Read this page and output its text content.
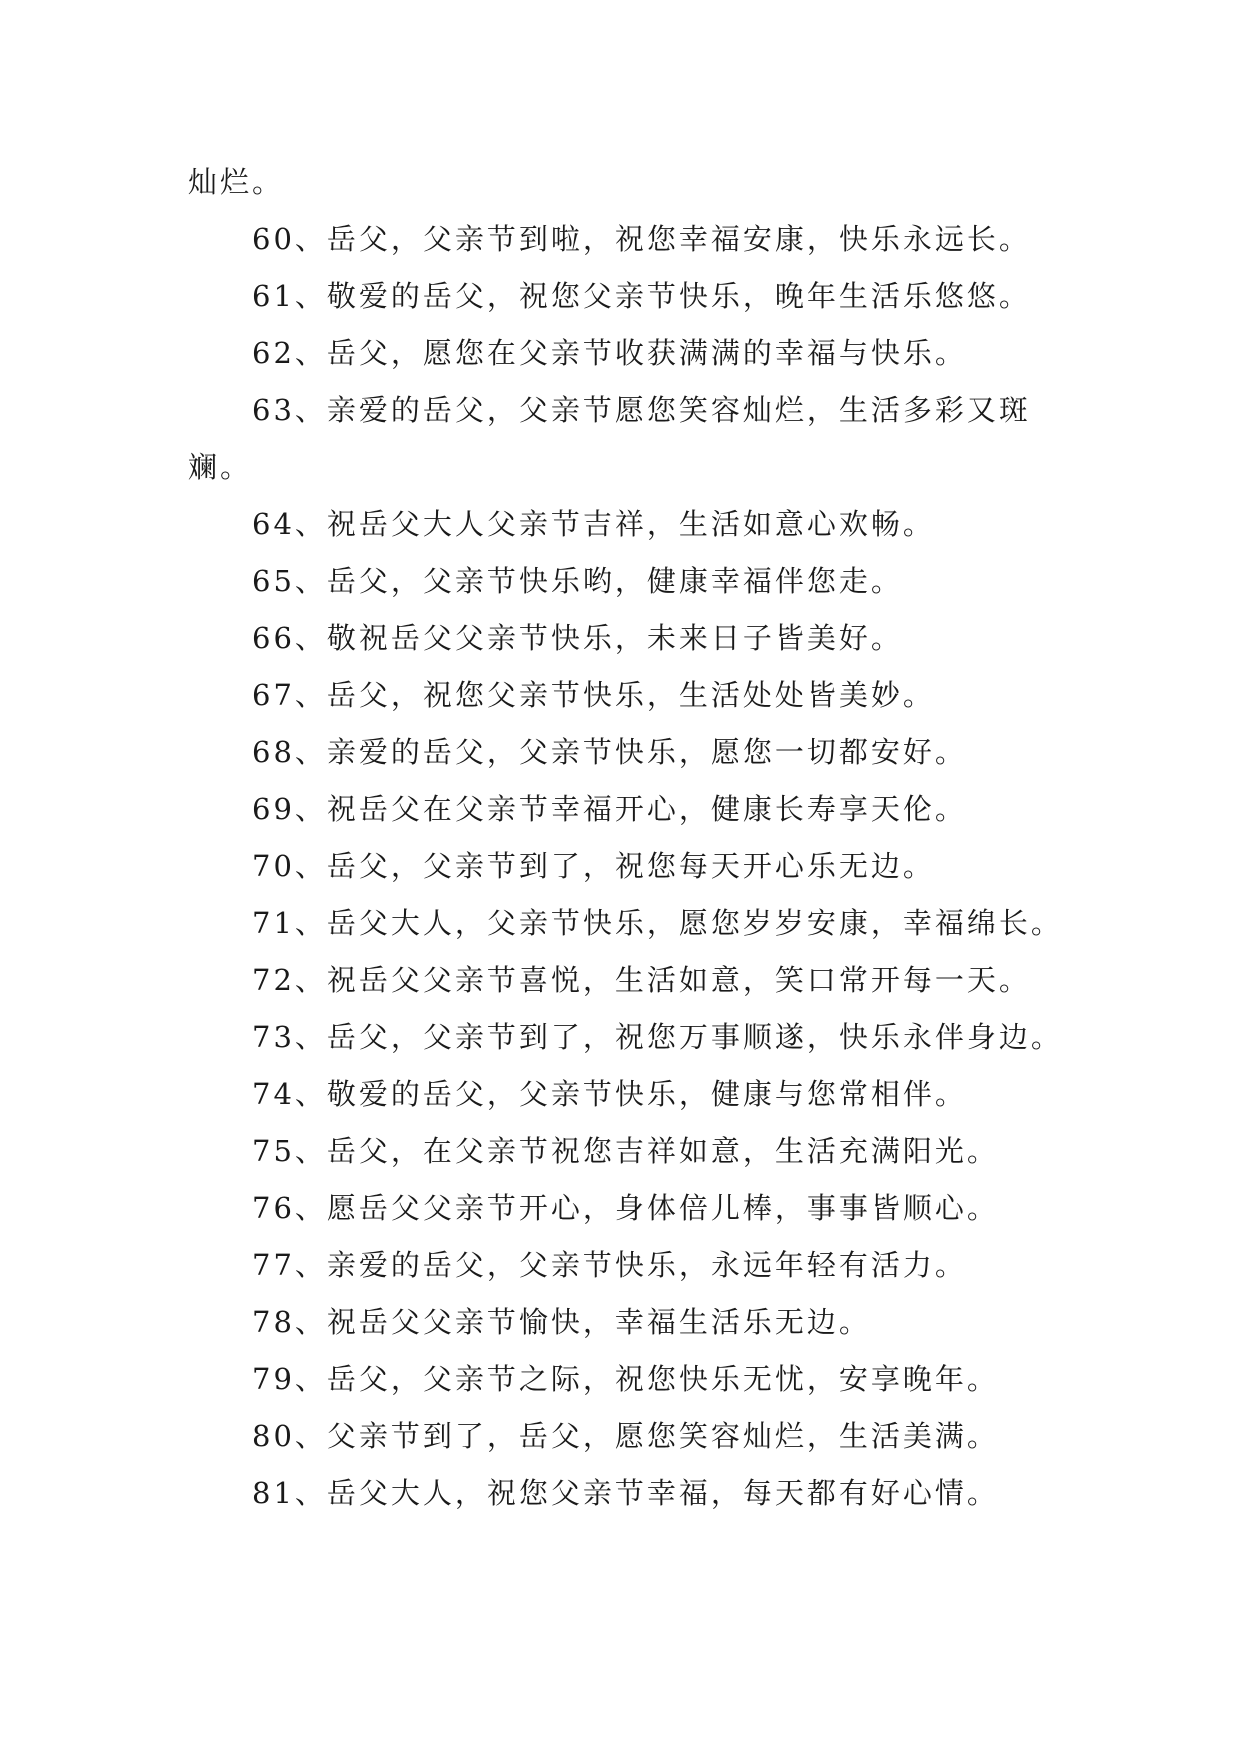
灿烂。
60、岳父，父亲节到啦，祝您幸福安康，快乐永远长。
61、敬爱的岳父，祝您父亲节快乐，晚年生活乐悠悠。
62、岳父，愿您在父亲节收获满满的幸福与快乐。
63、亲爱的岳父，父亲节愿您笑容灿烂，生活多彩又斑
斓。
64、祝岳父大人父亲节吉祥，生活如意心欢畅。
65、岳父，父亲节快乐哟，健康幸福伴您走。
66、敬祝岳父父亲节快乐，未来日子皆美好。
67、岳父，祝您父亲节快乐，生活处处皆美妙。
68、亲爱的岳父，父亲节快乐，愿您一切都安好。
69、祝岳父在父亲节幸福开心，健康长寿享天伦。
70、岳父，父亲节到了，祝您每天开心乐无边。
71、岳父大人，父亲节快乐，愿您岁岁安康，幸福绵长。
72、祝岳父父亲节喜悦，生活如意，笑口常开每一天。
73、岳父，父亲节到了，祝您万事顺遂，快乐永伴身边。
74、敬爱的岳父，父亲节快乐，健康与您常相伴。
75、岳父，在父亲节祝您吉祥如意，生活充满阳光。
76、愿岳父父亲节开心，身体倍儿棒，事事皆顺心。
77、亲爱的岳父，父亲节快乐，永远年轻有活力。
78、祝岳父父亲节愉快，幸福生活乐无边。
79、岳父，父亲节之际，祝您快乐无忧，安享晚年。
80、父亲节到了，岳父，愿您笑容灿烂，生活美满。
81、岳父大人，祝您父亲节幸福，每天都有好心情。
